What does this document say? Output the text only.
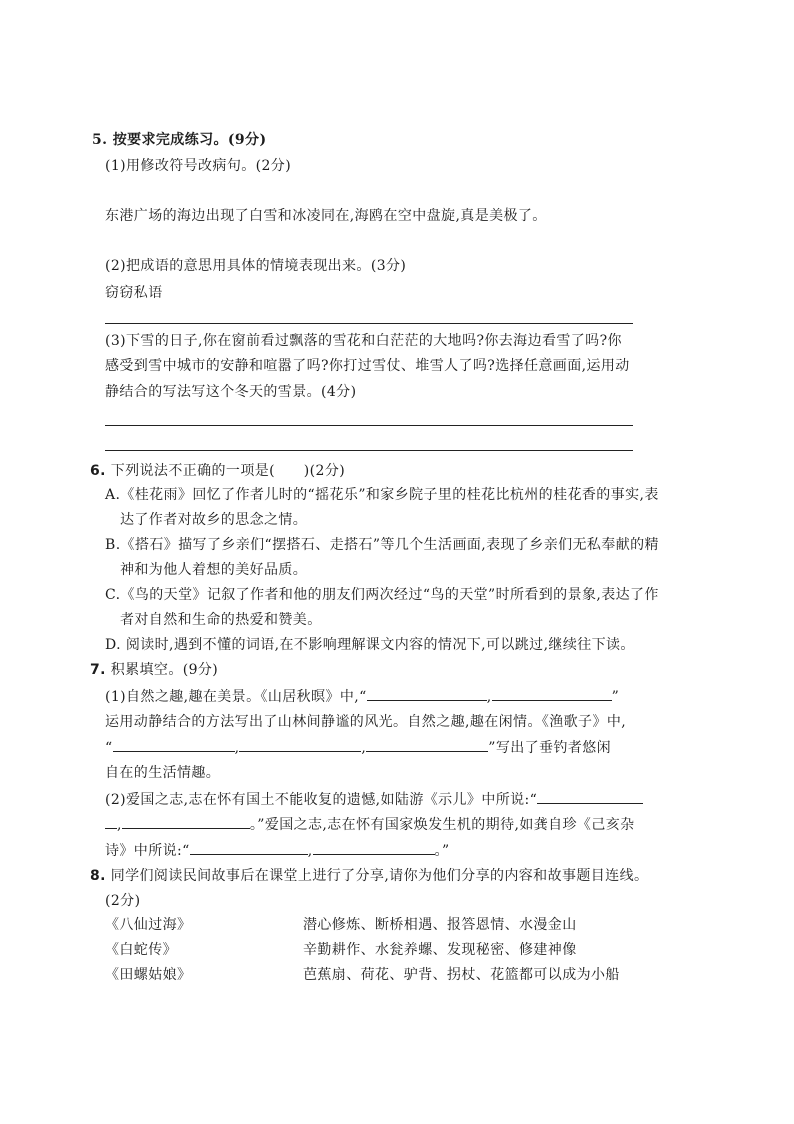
5. 按要求完成练习。(9分)
(1)用修改符号改病句。(2分)
东港广场的海边出现了白雪和冰凌同在,海鸥在空中盘旋,真是美极了。
(2)把成语的意思用具体的情境表现出来。(3分)
窃窃私语
(3)下雪的日子,你在窗前看过飘落的雪花和白茫茫的大地吗?你去海边看雪了吗?你
感受到雪中城市的安静和喧嚣了吗?你打过雪仗、堆雪人了吗?选择任意画面,运用动
静结合的写法写这个冬天的雪景。(4分)
6. 下列说法不正确的一项是(　　)(2分)
A.《桂花雨》回忆了作者儿时的“摇花乐”和家乡院子里的桂花比杭州的桂花香的事实,表
达了作者对故乡的思念之情。
B.《搭石》描写了乡亲们“摆搭石、走搭石”等几个生活画面,表现了乡亲们无私奉献的精
神和为他人着想的美好品质。
C.《鸟的天堂》记叙了作者和他的朋友们两次经过“鸟的天堂”时所看到的景象,表达了作
者对自然和生命的热爱和赞美。
D. 阅读时,遇到不懂的词语,在不影响理解课文内容的情况下,可以跳过,继续往下读。
7. 积累填空。(9分)
(1)自然之趣,趣在美景。《山居秋暝》中,“	,	”
运用动静结合的方法写出了山林间静谧的风光。自然之趣,趣在闲情。《渔歌子》中,
“	,	,	”写出了垂钓者悠闲
自在的生活情趣。
(2)爱国之志,志在怀有国土不能收复的遗憾,如陆游《示儿》中所说:“
,	。”爱国之志,志在怀有国家焕发生机的期待,如龚自珍《己亥杂
诗》中所说:“	,	。”
8. 同学们阅读民间故事后在课堂上进行了分享,请你为他们分享的内容和故事题目连线。
(2分)
《八仙过海》	潜心修炼、断桥相遇、报答恩情、水漫金山
《白蛇传》	辛勤耕作、水瓮养螺、发现秘密、修建神像
《田螺姑娘》	芭蕉扇、荷花、驴背、拐杖、花篮都可以成为小船
